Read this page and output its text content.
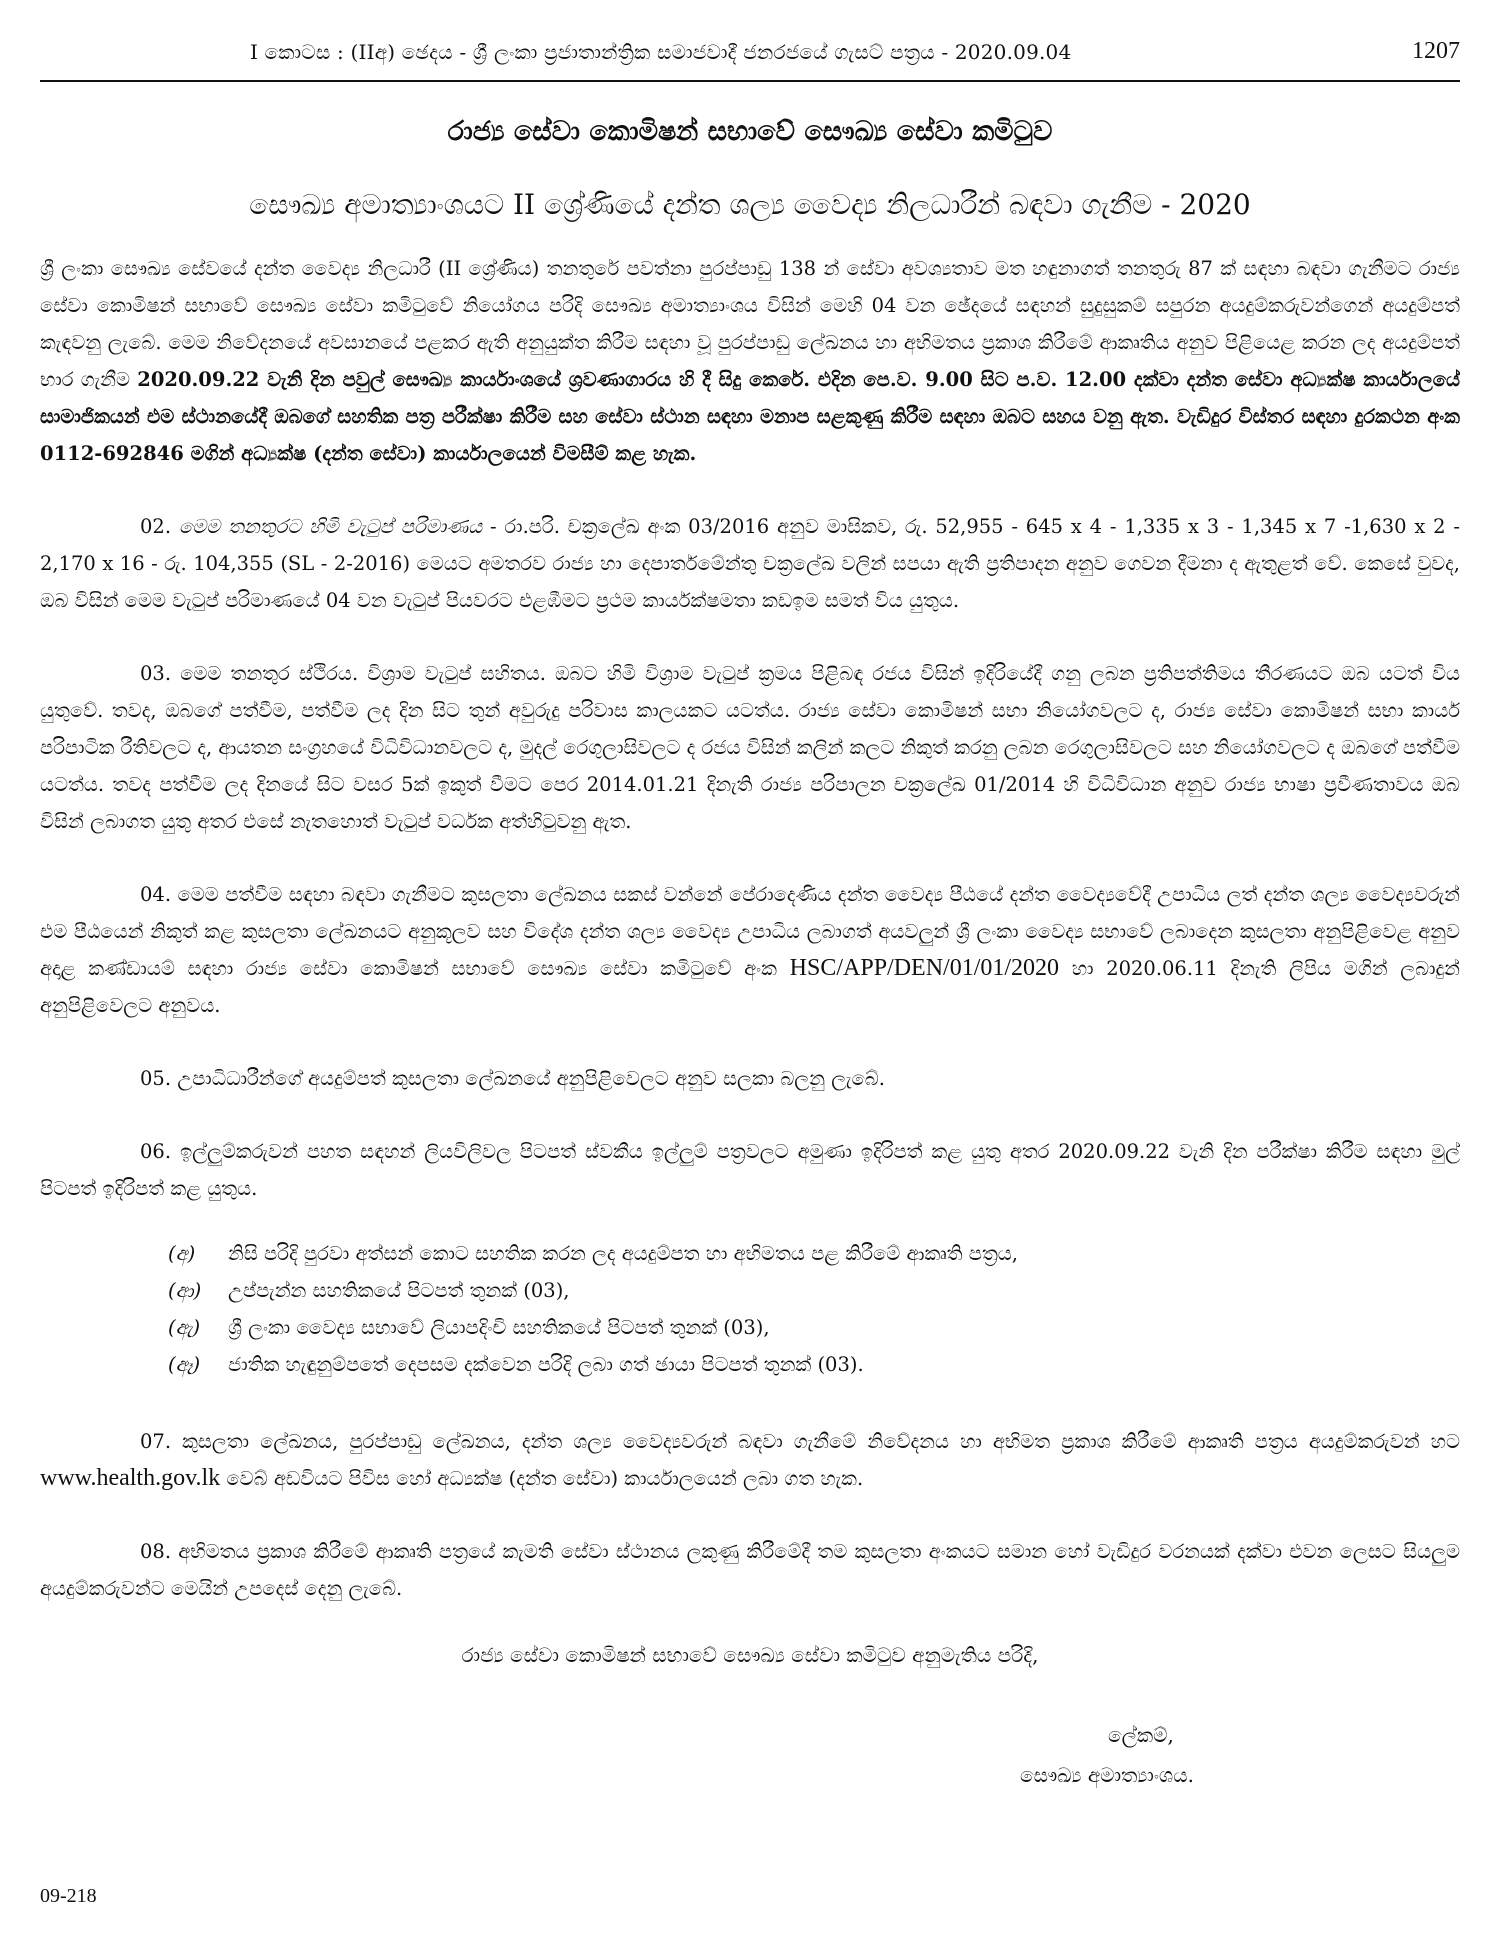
I කොටස : (IIඅ) ඡෙදය - ශ්‍රී ලංකා ප්‍රජාතාන්ත්‍රික සමාජවාදී ජනරජයේ ගැසට් පත්‍රය - 2020.09.04	1207
රාජ්‍ය සේවා කොමිෂන් සභාවේ සෞඛ්‍ය සේවා කමිටුව
සෞඛ්‍ය අමාත්‍යාංශයට II ශ්‍රේණියේ දන්ත ශල්‍ය වෛද්‍ය නිලධාරීන් බඳවා ගැනීම - 2020

ශ්‍රී ලංකා සෞඛ්‍ය සේවයේ දන්ත වෛද්‍ය නිලධාරී (II ශ්‍රේණිය) තනතුරේ පවත්නා පුරප්පාඩු 138 න් සේවා අවශ්‍යතාව මත හඳුනාගත් තනතුරු 87 ක් සඳහා බඳවා ගැනීමට රාජ්‍ය සේවා කොමිෂන් සභාවේ සෞඛ්‍ය සේවා කමිටුවේ නියෝගය පරිදි සෞඛ්‍ය අමාත්‍යාංශය විසින් මෙහි 04 වන ඡේදයේ සඳහන් සුදුසුකම් සපුරන අයදුම්කරුවන්ගෙන් අයදුම්පත් කැඳවනු ලැබේ. මෙම නිවේදනයේ අවසානයේ පළකර ඇති අනුයුක්ත කිරීම සඳහා වූ පුරප්පාඩු ලේඛනය හා අභිමතය ප්‍රකාශ කිරීමේ ආකෘතිය අනුව පිළියෙළ කරන ලද අයදුම්පත් භාර ගැනීම 2020.09.22 වැනි දින පවුල් සෞඛ්‍ය කාර්යාංශයේ ශ්‍රවණාගාරය හි දී සිදු කෙරේ. එදින පෙ.ව. 9.00 සිට ප.ව. 12.00 දක්වා දන්ත සේවා අධ්‍යක්ෂ කාර්යාලයේ සාමාජිකයන් එම ස්ථානයේදී ඔබගේ සහතික පත්‍ර පරීක්ෂා කිරීම සහ සේවා ස්ථාන සඳහා මනාප සළකුණු කිරීම සඳහා ඔබට සහය වනු ඇත. වැඩිදුර විස්තර සඳහා දුරකථන අංක 0112-692846 මගින් අධ්‍යක්ෂ (දන්ත සේවා) කාර්යාලයෙන් විමසීම් කළ හැක.

02. මෙම තනතුරට හිමි වැටුප් පරිමාණය - රා.පරි. චක්‍රලේඛ අංක 03/2016 අනුව මාසිකව, රු. 52,955 - 645 x 4 - 1,335 x 3 - 1,345 x 7 -1,630 x 2 - 2,170 x 16 - රු. 104,355 (SL - 2-2016) මෙයට අමතරව රාජ්‍ය හා දෙපාර්තමේන්තු චක්‍රලේඛ වලින් සපයා ඇති ප්‍රතිපාදන අනුව ගෙවන දීමනා ද ඇතුළත් වේ. කෙසේ වුවද, ඔබ විසින් මෙම වැටුප් පරිමාණයේ 04 වන වැටුප් පියවරට එළඹීමට ප්‍රථම කාර්යක්ෂමතා කඩඉම සමත් විය යුතුය.

03. මෙම තනතුර ස්ථිරය. විශ්‍රාම වැටුප් සහිතය. ඔබට හිමි විශ්‍රාම වැටුප් ක්‍රමය පිළිබඳ රජය විසින් ඉදිරියේදී ගනු ලබන ප්‍රතිපත්තිමය තීරණයට ඔබ යටත් විය යුතුවේ. තවද, ඔබගේ පත්වීම, පත්වීම ලද දින සිට තුන් අවුරුදු පරිවාස කාලයකට යටත්ය. රාජ්‍ය සේවා කොමිෂන් සභා නියෝගවලට ද, රාජ්‍ය සේවා කොමිෂන් සභා කාර්ය පරිපාටික රීතිවලට ද, ආයතන සංග්‍රහයේ විධිවිධානවලට ද, මුදල් රෙගුලාසිවලට ද රජය විසින් කලින් කලට නිකුත් කරනු ලබන රෙගුලාසිවලට සහ නියෝගවලට ද ඔබගේ පත්වීම යටත්ය. තවද පත්වීම ලද දිනයේ සිට වසර 5ක් ඉකුත් වීමට පෙර 2014.01.21 දිනැති රාජ්‍ය පරිපාලන චක්‍රලේඛ 01/2014 හි විධිවිධාන අනුව රාජ්‍ය භාෂා ප්‍රවීණතාවය ඔබ විසින් ලබාගත යුතු අතර එසේ නැතහොත් වැටුප් වර්ධක අත්හිටුවනු ඇත.

04. මෙම පත්වීම සඳහා බඳවා ගැනීමට කුසලතා ලේඛනය සකස් වන්නේ පේරාදෙණිය දන්ත වෛද්‍ය පීඨයේ දන්ත වෛද්‍යවේදී උපාධිය ලත් දන්ත ශල්‍ය වෛද්‍යවරුන් එම පීඨයෙන් නිකුත් කළ කුසලතා ලේඛනයට අනුකූලව සහ විදේශ දන්ත ශල්‍ය වෛද්‍ය උපාධිය ලබාගත් අයවලුන් ශ්‍රී ලංකා වෛද්‍ය සභාවේ ලබාදෙන කුසලතා අනුපිළිවෙළ අනුව අදාළ කණ්ඩායම් සඳහා රාජ්‍ය සේවා කොමිෂන් සභාවේ සෞඛ්‍ය සේවා කමිටුවේ අංක HSC/APP/DEN/01/01/2020 හා 2020.06.11 දිනැති ලිපිය මගින් ලබාදුන් අනුපිළිවෙලට අනුවය.

05. උපාධිධාරීන්ගේ අයදුම්පත් කුසලතා ලේඛනයේ අනුපිළිවෙලට අනුව සලකා බලනු ලැබේ.

06. ඉල්ලුම්කරුවන් පහත සඳහන් ලියවිලිවල පිටපත් ස්වකීය ඉල්ලුම් පත්‍රවලට අමුණා ඉදිරිපත් කළ යුතු අතර 2020.09.22 වැනි දින පරීක්ෂා කිරීම සඳහා මුල් පිටපත් ඉදිරිපත් කළ යුතුය.

(අ)	නිසි පරිදි පුරවා අත්සන් කොට සහතික කරන ලද අයදුම්පත හා අභිමතය පළ කිරීමේ ආකෘති පත්‍රය,
(ආ)	උප්පැන්න සහතිකයේ පිටපත් තුනක් (03),
(ඇ)	ශ්‍රී ලංකා වෛද්‍ය සභාවේ ලියාපදිංචි සහතිකයේ පිටපත් තුනක් (03),
(ඈ)	ජාතික හැඳුනුම්පතේ දෙපසම දක්වෙන පරිදි ලබා ගත් ඡායා පිටපත් තුනක් (03).

07. කුසලතා ලේඛනය, පුරප්පාඩු ලේඛනය, දන්ත ශල්‍ය වෛද්‍යවරුන් බඳවා ගැනීමේ නිවේදනය හා අභිමත ප්‍රකාශ කිරීමේ ආකෘති පත්‍රය අයදුම්කරුවන් හට www.health.gov.lk වෙබ් අඩවියට පිවිස හෝ අධ්‍යක්ෂ (දන්ත සේවා) කාර්යාලයෙන් ලබා ගත හැක.

08. අභිමතය ප්‍රකාශ කිරීමේ ආකෘති පත්‍රයේ කැමති සේවා ස්ථානය ලකුණු කිරීමේදී තම කුසලතා අංකයට සමාන හෝ වැඩිදුර වරනයක් දක්වා එවන ලෙසට සියලුම අයදුම්කරුවන්ට මෙයින් උපදෙස් දෙනු ලැබේ.

රාජ්‍ය සේවා කොමිෂන් සභාවේ සෞඛ්‍ය සේවා කමිටුව අනුමැතිය පරිදි,
ලේකම්,
සෞඛ්‍ය අමාත්‍යාංශය.
09-218
